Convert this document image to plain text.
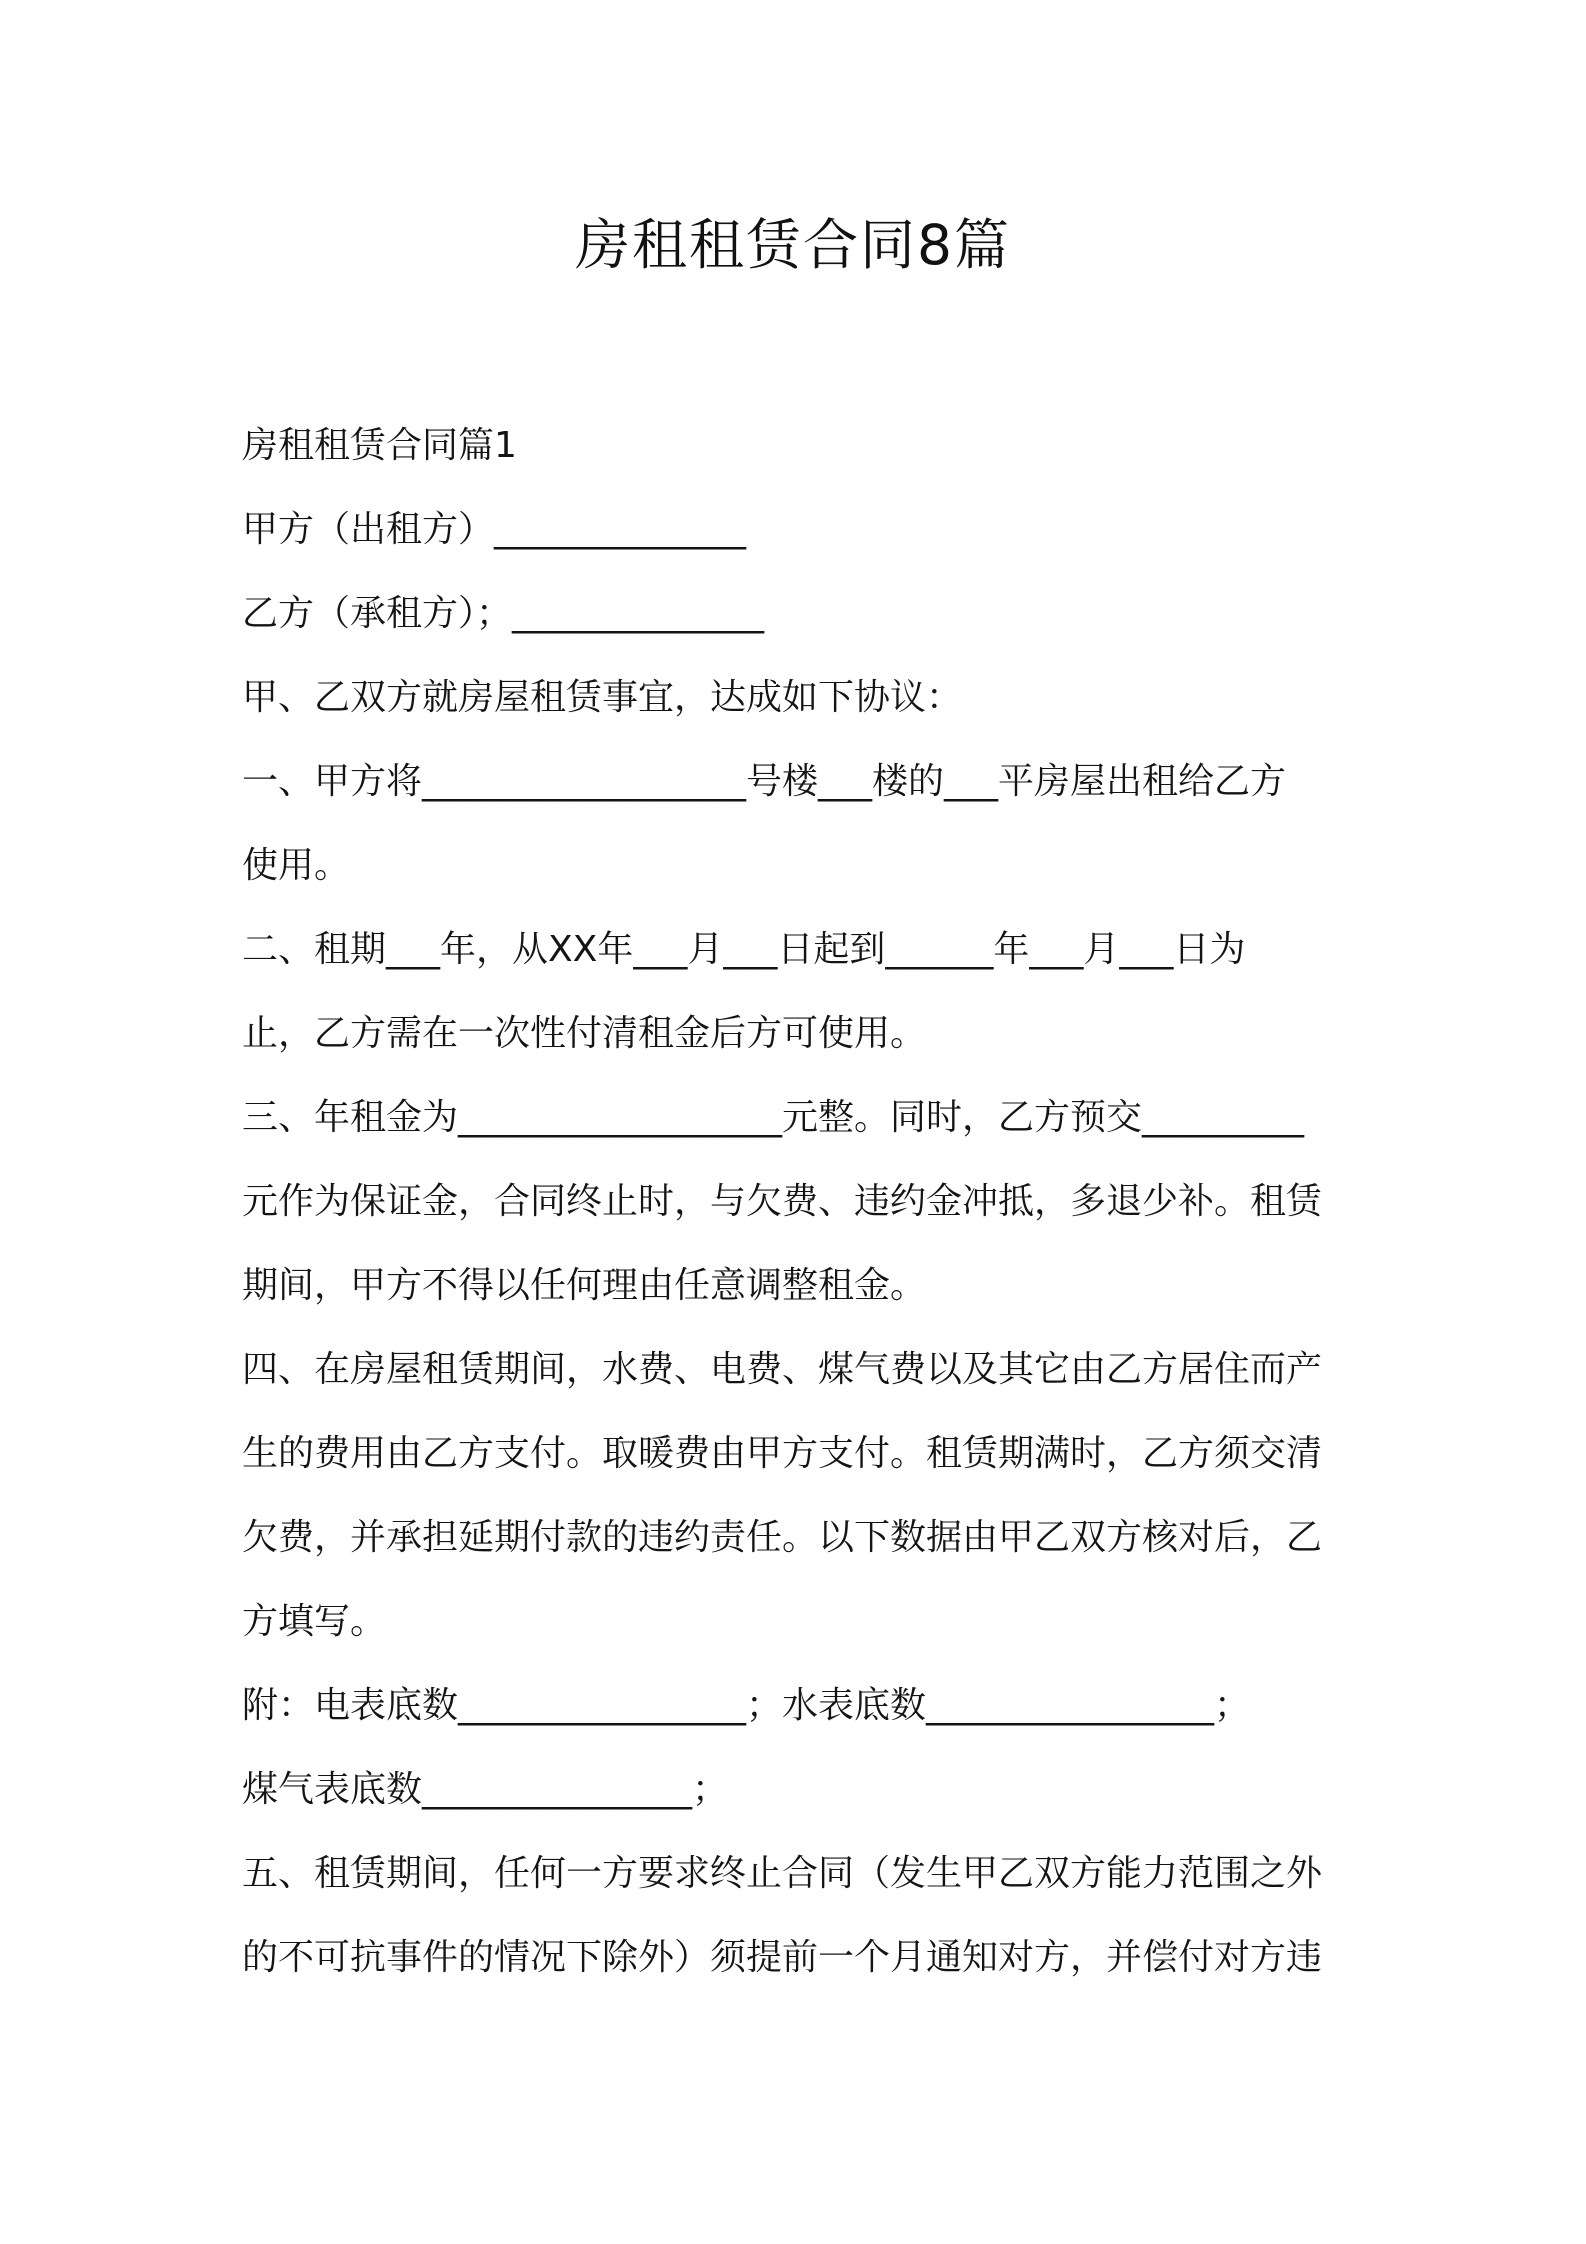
房租租赁合同8篇
房租租赁合同篇1
甲方（出租方）______________
乙方（承租方）；______________
甲、乙双方就房屋租赁事宜，达成如下协议：
一、甲方将__________________号楼___楼的___平房屋出租给乙方
使用。
二、租期___年，从XX年___月___日起到______年___月___日为
止，乙方需在一次性付清租金后方可使用。
三、年租金为__________________元整。同时，乙方预交_________
元作为保证金，合同终止时，与欠费、违约金冲抵，多退少补。租赁
期间，甲方不得以任何理由任意调整租金。
四、在房屋租赁期间，水费、电费、煤气费以及其它由乙方居住而产
生的费用由乙方支付。取暖费由甲方支付。租赁期满时，乙方须交清
欠费，并承担延期付款的违约责任。以下数据由甲乙双方核对后，乙
方填写。
附：电表底数________________；水表底数________________；
煤气表底数_______________；
五、租赁期间，任何一方要求终止合同（发生甲乙双方能力范围之外
的不可抗事件的情况下除外）须提前一个月通知对方，并偿付对方违
